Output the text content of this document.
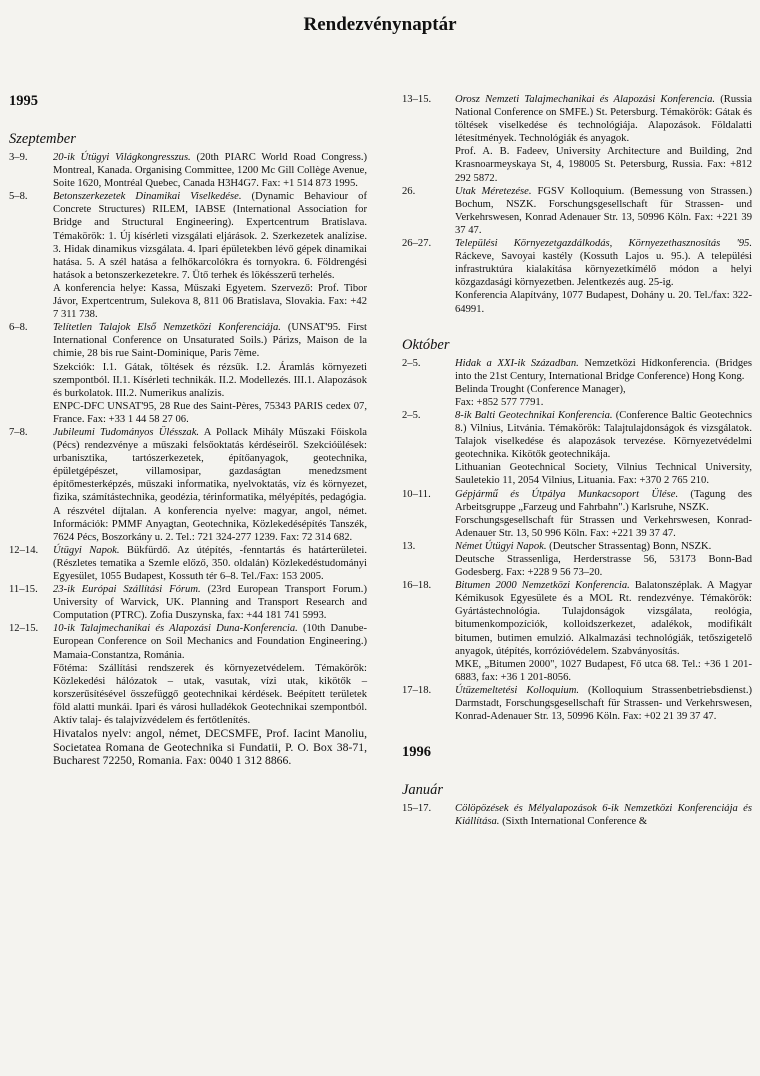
Rendezvénynaptár
1995
Szeptember
3–9.	20-ik Útügyi Világkongresszus. (20th PIARC World Road Congress.) Montreal, Kanada. Organising Committee, 1200 Mc Gill Collège Avenue, Soite 1620, Montréal Quebec, Canada H3H4G7. Fax: +1 514 873 1995.

5–8.	Betonszerkezetek Dinamikai Viselkedése. (Dynamic Behaviour of Concrete Structures) RILEM, IABSE (International Association for Bridge and Structural Engineering). Expertcentrum Bratislava. Témakörök: 1. Új kísérleti vizsgálati eljárások. 2. Szerkezetek analízise. 3. Hidak dinamikus vizsgálata. 4. Ipari épületekben lévő gépek dinamikai hatása. 5. A szél hatása a felhőkarcolókra és tornyokra. 6. Földrengési hatások a betonszerkezetekre. 7. Ütő terhek és lökésszerű terhelés.

A konferencia helye: Kassa, Műszaki Egyetem. Szervező: Prof. Tibor Jávor, Expertcentrum, Sulekova 8, 811 06 Bratislava, Slovakia. Fax: +42 7 311 738.

6–8.	Telítetlen Talajok Első Nemzetközi Konferenciája. (UNSAT'95. First International Conference on Unsaturated Soils.) Párizs, Maison de la chimie, 28 bis rue Saint-Dominique, Paris 7ème.

Szekciók: I.1. Gátak, töltések és rézsűk. I.2. Áramlás környezeti szempontból. II.1. Kísérleti technikák. II.2. Modellezés. III.1. Alapozások és burkolatok. III.2. Numerikus analízis.

ENPC-DFC UNSAT'95, 28 Rue des Saint-Pères, 75343 PARIS cedex 07, France. Fax: +33 1 44 58 27 06.

7–8.	Jubileumi Tudományos Ülésszak. A Pollack Mihály Műszaki Főiskola (Pécs) rendezvénye a műszaki felsőoktatás kérdéseiről. Szekcióülések: urbanisztika, tartószerkezetek, építőanyagok, geotechnika, épületgépészet, villamosipar, gazdaságtan menedzsment építőmesterképzés, műszaki informatika, nyelvoktatás, víz és környezet, fizika, számítástechnika, geodézia, térinformatika, mélyépítés, pedagógia.

A részvétel díjtalan. A konferencia nyelve: magyar, angol, német. Információk: PMMF Anyagtan, Geotechnika, Közlekedésépítés Tanszék, 7624 Pécs, Boszorkány u. 2. Tel.: 721 324-277 1239. Fax: 72 314 682.

12–14.	Útügyi Napok. Bükfürdő. Az útépítés, -fenntartás és határterületei. (Részletes tematika a Szemle előző, 350. oldalán) Közlekedéstudományi Egyesület, 1055 Budapest, Kossuth tér 6–8. Tel./Fax: 153 2005.

11–15.	23-ik Európai Szállítási Fórum. (23rd European Transport Forum.) University of Warvick, UK. Planning and Transport Research and Computation (PTRC). Zofia Duszynska, fax: +44 181 741 5993.

12–15.	10-ik Talajmechanikai és Alapozási Duna-Konferencia. (10th Danube-European Conference on Soil Mechanics and Foundation Engineering.) Mamaia-Constantza, Románia.

Főtéma: Szállítási rendszerek és környezetvédelem. Témakörök: Közlekedési hálózatok – utak, vasutak, vízi utak, kikötők – korszerűsítésével összefüggő geotechnikai kérdések. Beépített területek föld alatti munkái. Ipari és városi hulladékok Geotechnikai szempontból. Aktív talaj- és talajvízvédelem és fertőtlenítés.

Hivatalos nyelv: angol, német, DECSMFE, Prof. Iacint Manoliu, Societatea Romana de Geotechnika si Fundatii, P. O. Box 38-71, Bucharest 72250, Romania. Fax: 0040 1 312 8866.

13–15.	Orosz Nemzeti Talajmechanikai és Alapozási Konferencia. (Russia National Conference on SMFE.) St. Petersburg. Témakörök: Gátak és töltések viselkedése és technológiája. Alapozások. Földalatti létesítmények. Technológiák és anyagok.

Prof. A. B. Fadeev, University Architecture and Building, 2nd Krasnoarmeyskaya St, 4, 198005 St. Petersburg, Russia. Fax: +812 292 5872.

26.	Utak Méretezése. FGSV Kolloquium. (Bemessung von Strassen.) Bochum, NSZK. Forschungsgesellschaft für Strassen- und Verkehrswesen, Konrad Adenauer Str. 13, 50996 Köln. Fax: +221 39 37 47.

26–27.	Települési Környezetgazdálkodás, Környezethasznosítás '95. Ráckeve, Savoyai kastély (Kossuth Lajos u. 95.). A települési infrastruktúra kialakítása környezetkímélő módon a helyi közgazdasági környezetben. Jelentkezés aug. 25-ig.

Konferencia Alapítvány, 1077 Budapest, Dohány u. 20. Tel./fax: 322-64991.

Október
2–5.	Hidak a XXI-ik Században. Nemzetközi Hídkonferencia. (Bridges into the 21st Century, International Bridge Conference) Hong Kong.

Belinda Trought (Conference Manager),

Fax: +852 577 7791.

2–5.	8-ik Balti Geotechnikai Konferencia. (Conference Baltic Geotechnics 8.) Vilnius, Litvánia. Témakörök: Talajtulajdonságok és vizsgálatok. Talajok viselkedése és alapozások tervezése. Környezetvédelmi geotechnika. Kikötők geotechnikája.

Lithuanian Geotechnical Society, Vilnius Technical University, Sauletekio 11, 2054 Vilnius, Lituania. Fax: +370 2 765 210.

10–11.	Gépjármű és Útpálya Munkacsoport Ülése. (Tagung des Arbeitsgruppe „Farzeug und Fahrbahn".) Karlsruhe, NSZK.

Forschungsgesellschaft für Strassen und Verkehrswesen, Konrad-Adenauer Str. 13, 50 996 Köln. Fax: +221 39 37 47.

13.	Német Útügyi Napok. (Deutscher Strassentag) Bonn, NSZK.

Deutsche Strassenliga, Herderstrasse 56, 53173 Bonn-Bad Godesberg. Fax: +228 9 56 73–20.

16–18.	Bitumen 2000 Nemzetközi Konferencia. Balatonszéplak. A Magyar Kémikusok Egyesülete és a MOL Rt. rendezvénye. Témakörök: Gyártástechnológia. Tulajdonságok vizsgálata, reológia, bitumenkompozíciók, kolloidszerkezet, adalékok, modifikált bitumen, butimen emulzió. Alkalmazási technológiák, tetőszigetelő anyagok, útépítés, korrózióvédelem. Szabványosítás.

MKE, „Bitumen 2000", 1027 Budapest, Fő utca 68. Tel.: +36 1 201-6883, fax: +36 1 201-8056.

17–18.	Útüzemeltetési Kolloquium. (Kolloquium Strassenbetriebsdienst.) Darmstadt, Forschungsgesellschaft für Strassen- und Verkehrswesen, Konrad-Adenauer Str. 13, 50996 Köln. Fax: +02 21 39 37 47.

1996
Január
15–17.	Cölöpözések és Mélyalapozások 6-ik Nemzetközi Konferenciája és Kiállítása. (Sixth International Conference &
